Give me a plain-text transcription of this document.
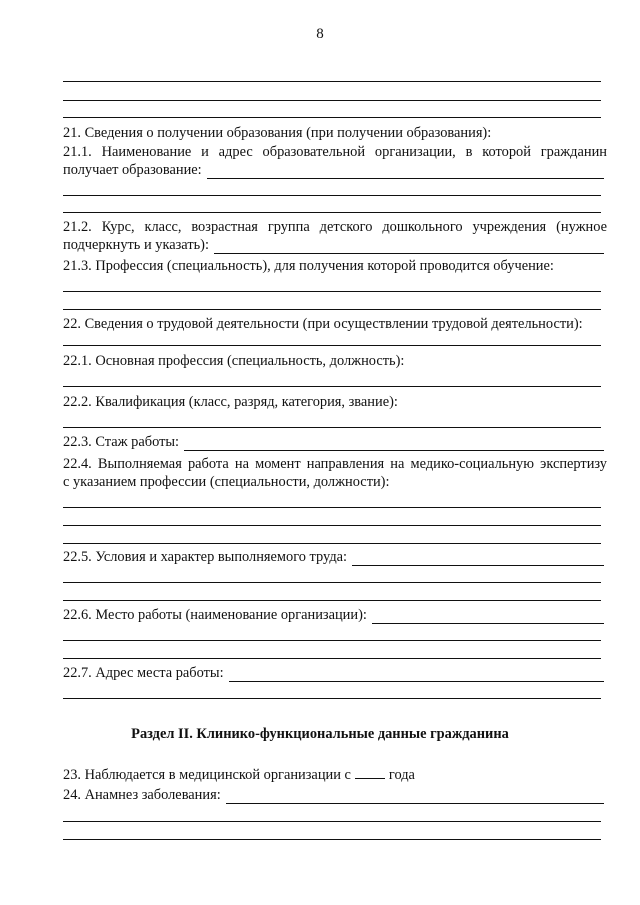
8
21. Сведения о получении образования (при получении образования):
21.1. Наименование и адрес образовательной организации, в которой гражданин
получает образование:
21.2. Курс, класс, возрастная группа детского дошкольного учреждения (нужное
подчеркнуть и указать):
21.3. Профессия (специальность), для получения которой проводится обучение:
22. Сведения о трудовой деятельности (при осуществлении трудовой деятельности):
22.1. Основная профессия (специальность, должность):
22.2. Квалификация (класс, разряд, категория, звание):
22.3. Стаж работы:
22.4. Выполняемая работа на момент направления на медико-социальную экспертизу
с указанием профессии (специальности, должности):
22.5. Условия и характер выполняемого труда:
22.6. Место работы (наименование организации):
22.7. Адрес места работы:
Раздел II. Клинико-функциональные данные гражданина
23. Наблюдается в медицинской организации с	года
24. Анамнез заболевания:
